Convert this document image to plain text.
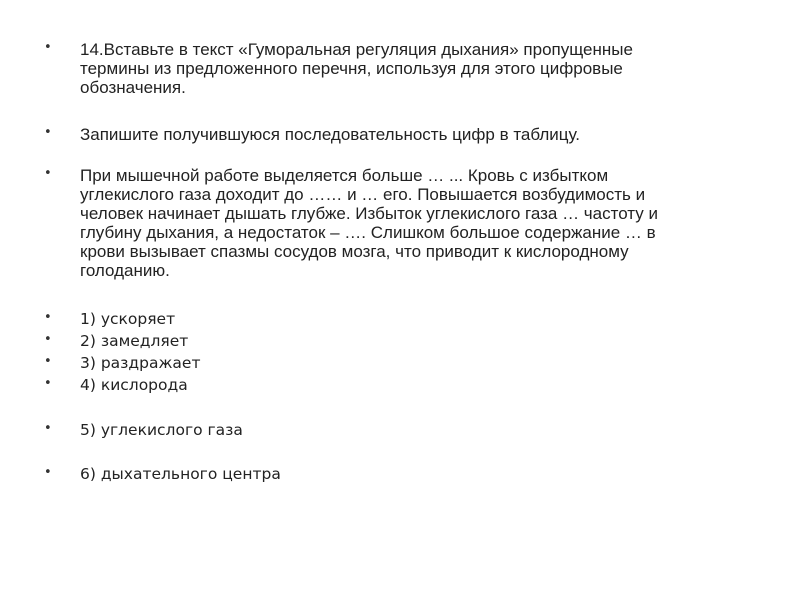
• 14.Вставьте в текст «Гуморальная регуляция дыхания» пропущенные
термины из предложенного перечня, используя для этого цифровые
обозначения.
• Запишите получившуюся последовательность цифр в таблицу.
• При мышечной работе выделяется больше … ... Кровь с избытком
углекислого газа доходит до …… и … его. Повышается возбудимость и
человек начинает дышать глубже. Избыток углекислого газа … частоту и
глубину дыхания, а недостаток – …. Слишком большое содержание … в
крови вызывает спазмы сосудов мозга, что приводит к кислородному
голоданию.
• 1) ускоряет
• 2) замедляет
• 3) раздражает
• 4) кислорода
• 5) углекислого газа
• 6) дыхательного центра
